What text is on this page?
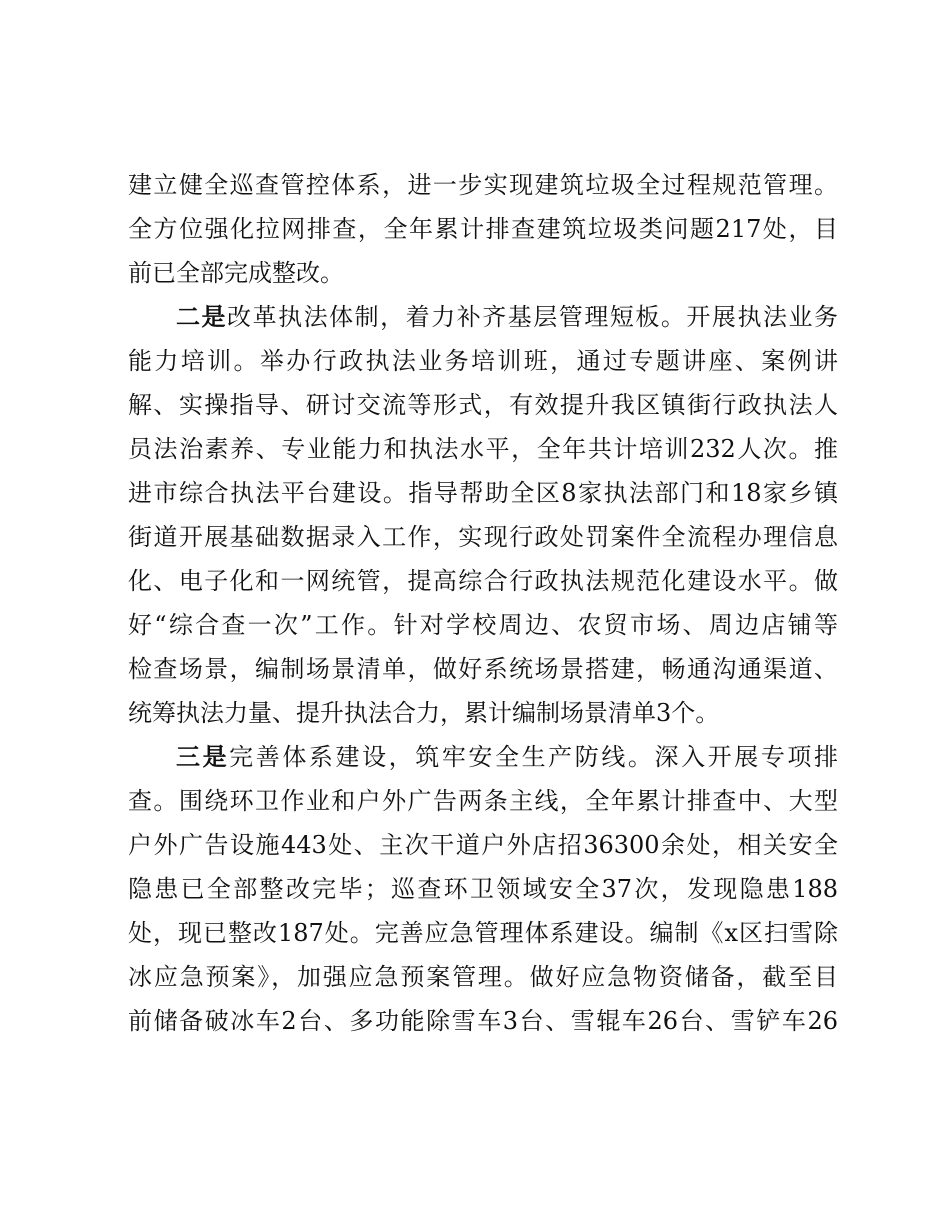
建立健全巡查管控体系，进一步实现建筑垃圾全过程规范管理。
全方位强化拉网排查，全年累计排查建筑垃圾类问题217处，目
前已全部完成整改。
二是改革执法体制，着力补齐基层管理短板。开展执法业务
能力培训。举办行政执法业务培训班，通过专题讲座、案例讲
解、实操指导、研讨交流等形式，有效提升我区镇街行政执法人
员法治素养、专业能力和执法水平，全年共计培训232人次。推
进市综合执法平台建设。指导帮助全区8家执法部门和18家乡镇
街道开展基础数据录入工作，实现行政处罚案件全流程办理信息
化、电子化和一网统管，提高综合行政执法规范化建设水平。做
好“综合查一次”工作。针对学校周边、农贸市场、周边店铺等
检查场景，编制场景清单，做好系统场景搭建，畅通沟通渠道、
统筹执法力量、提升执法合力，累计编制场景清单3个。
三是完善体系建设，筑牢安全生产防线。深入开展专项排
查。围绕环卫作业和户外广告两条主线，全年累计排查中、大型
户外广告设施443处、主次干道户外店招36300余处，相关安全
隐患已全部整改完毕；巡查环卫领域安全37次，发现隐患188
处，现已整改187处。完善应急管理体系建设。编制《x区扫雪除
冰应急预案》，加强应急预案管理。做好应急物资储备，截至目
前储备破冰车2台、多功能除雪车3台、雪辊车26台、雪铲车26
